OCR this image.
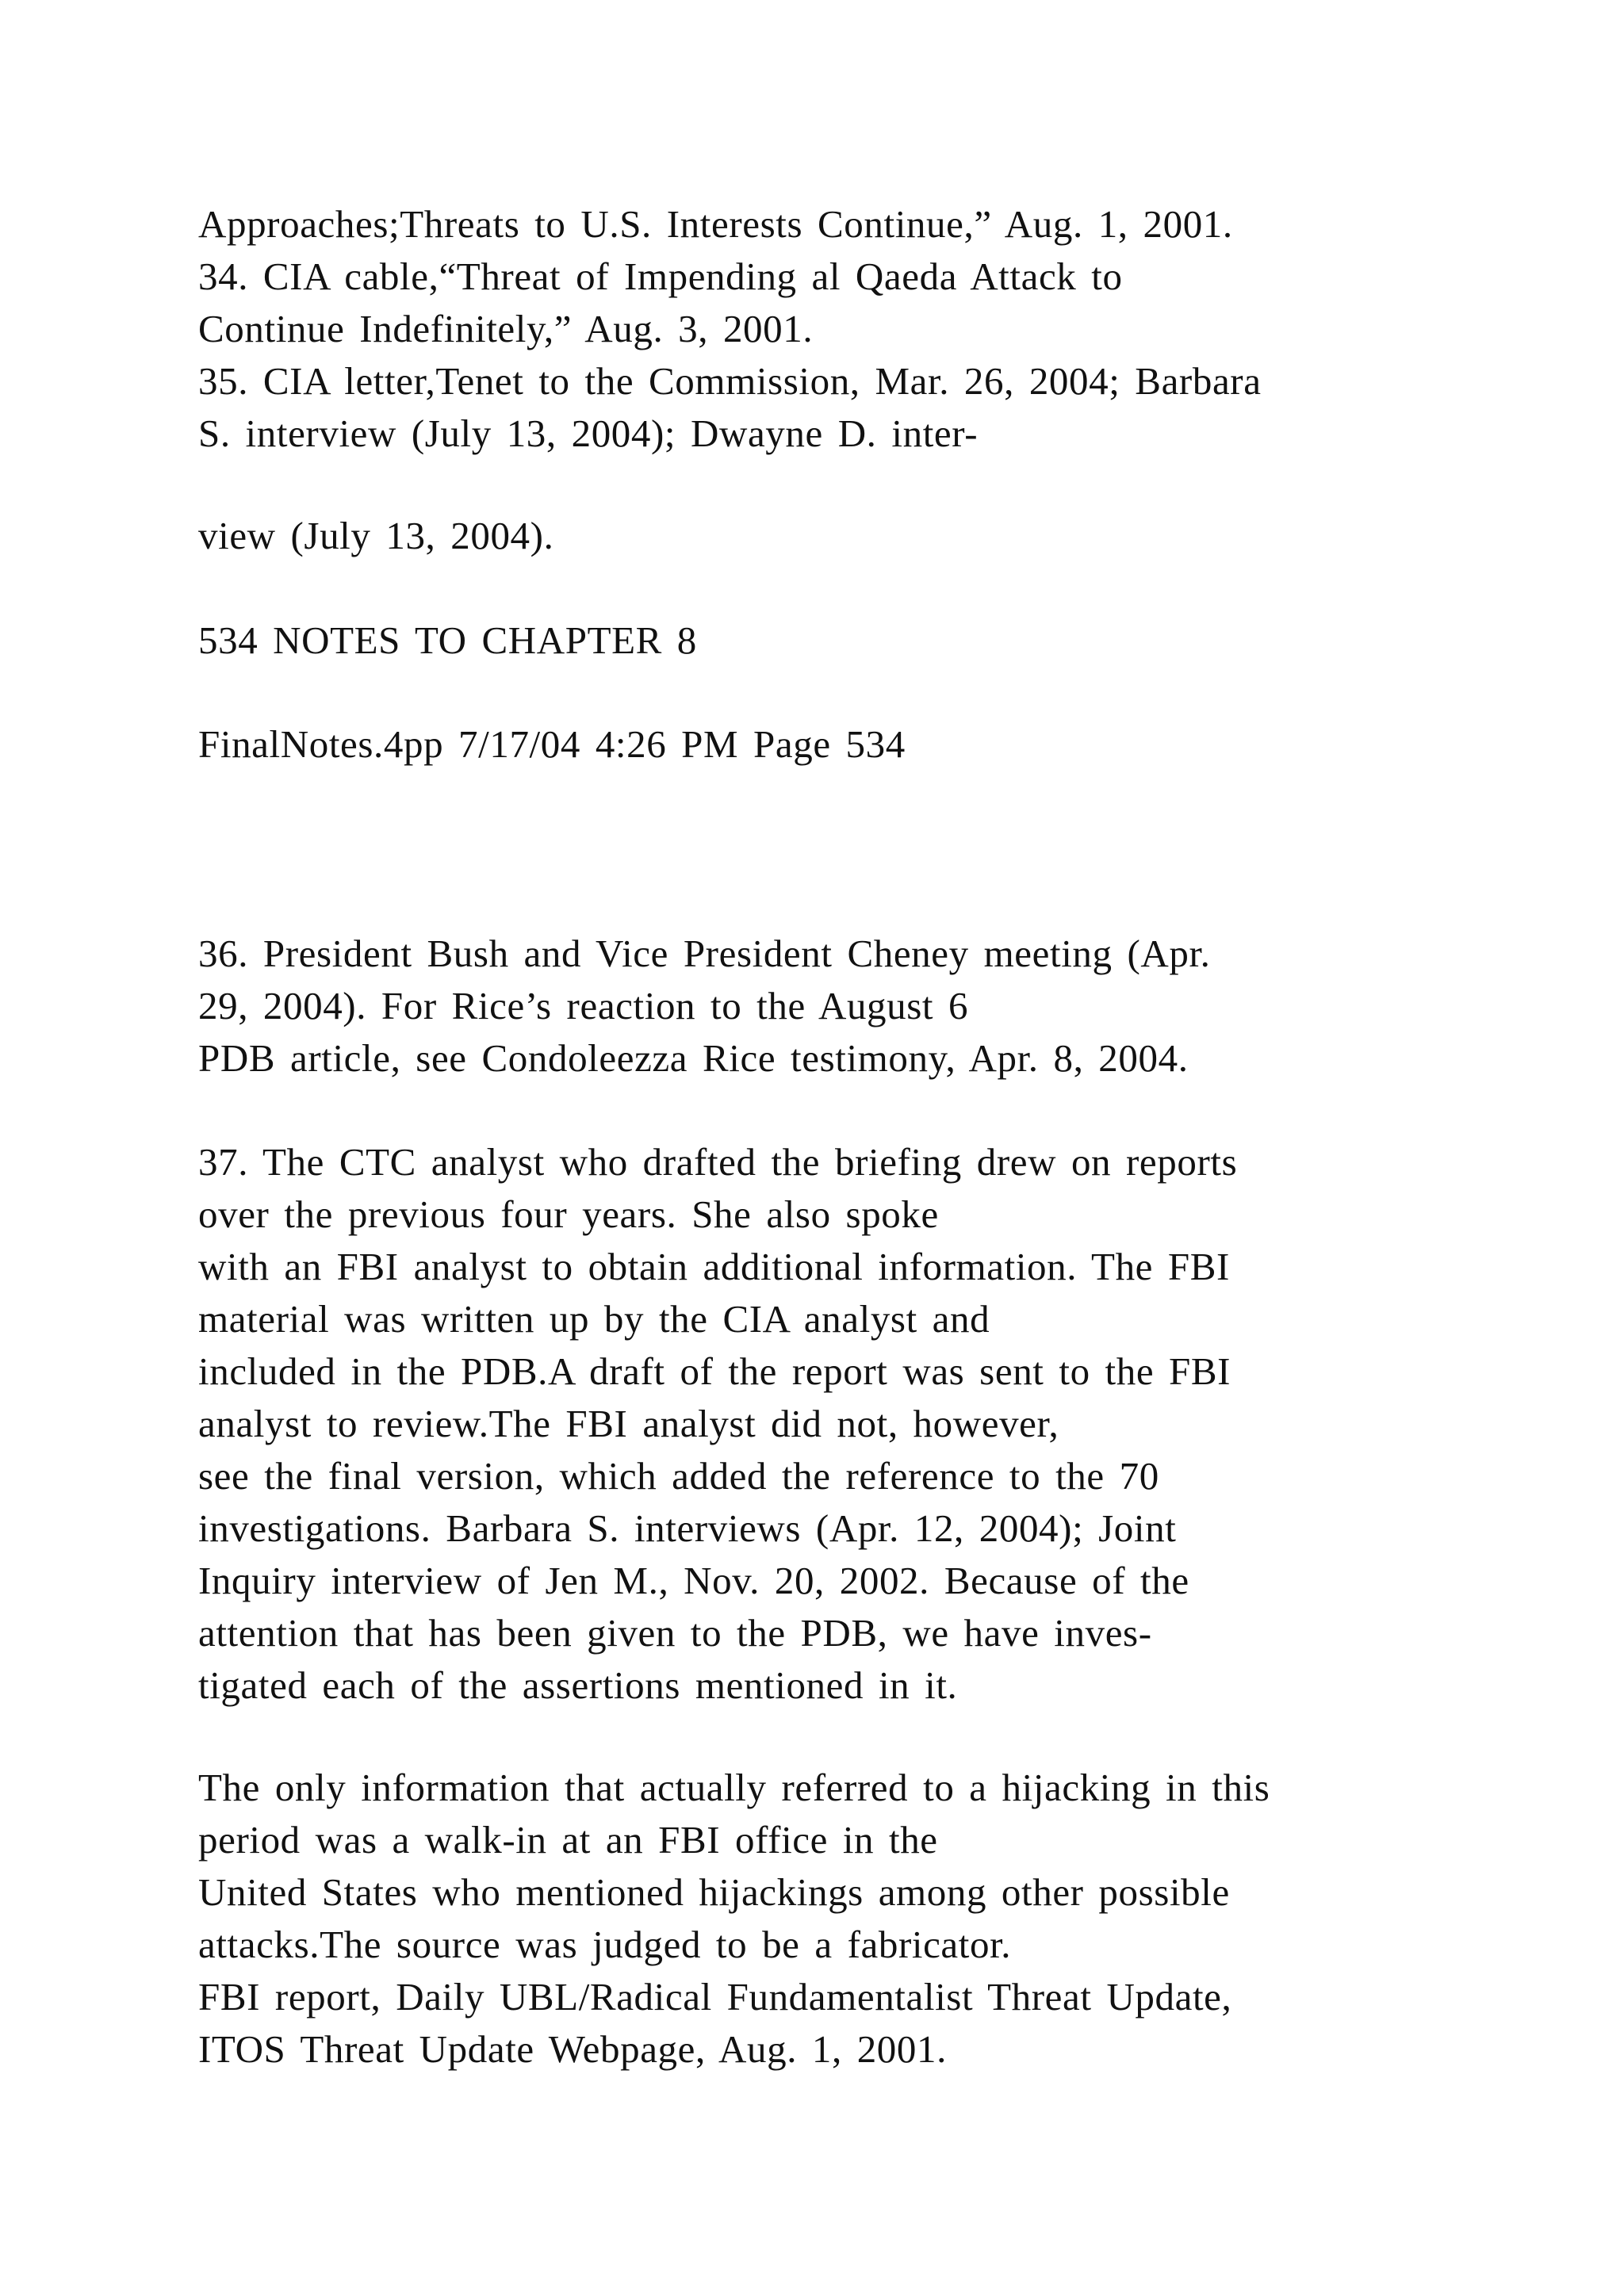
Approaches;Threats to U.S. Interests Continue,” Aug. 1, 2001.
34. CIA cable,“Threat of Impending al Qaeda Attack to
Continue Indefinitely,” Aug. 3, 2001.
35. CIA letter,Tenet to the Commission, Mar. 26, 2004; Barbara
S. interview (July 13, 2004); Dwayne D. inter-
view (July 13, 2004).
534 NOTES TO CHAPTER 8
FinalNotes.4pp 7/17/04 4:26 PM Page 534
36. President Bush and Vice President Cheney meeting (Apr.
29, 2004). For Rice’s reaction to the August 6
PDB article, see Condoleezza Rice testimony, Apr. 8, 2004.
37. The CTC analyst who drafted the briefing drew on reports
over the previous four years. She also spoke
with an FBI analyst to obtain additional information. The FBI
material was written up by the CIA analyst and
included in the PDB.A draft of the report was sent to the FBI
analyst to review.The FBI analyst did not, however,
see the final version, which added the reference to the 70
investigations. Barbara S. interviews (Apr. 12, 2004); Joint
Inquiry interview of Jen M., Nov. 20, 2002. Because of the
attention that has been given to the PDB, we have inves-
tigated each of the assertions mentioned in it.
The only information that actually referred to a hijacking in this
period was a walk-in at an FBI office in the
United States who mentioned hijackings among other possible
attacks.The source was judged to be a fabricator.
FBI report, Daily UBL/Radical Fundamentalist Threat Update,
ITOS Threat Update Webpage, Aug. 1, 2001.
